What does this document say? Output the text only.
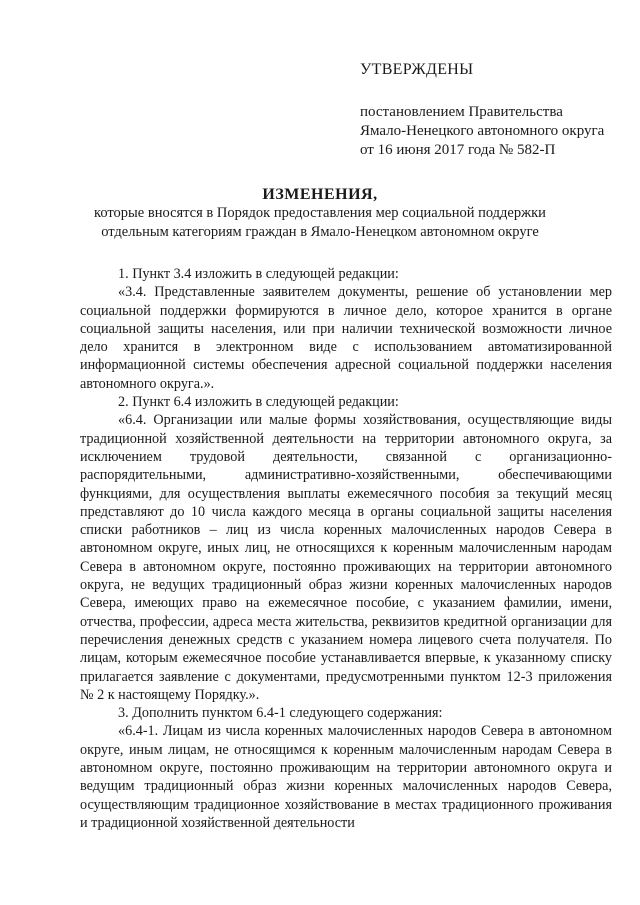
УТВЕРЖДЕНЫ
постановлением Правительства
Ямало-Ненецкого автономного округа
от 16 июня 2017 года № 582-П
ИЗМЕНЕНИЯ,
которые вносятся в Порядок предоставления мер социальной поддержки отдельным категориям граждан в Ямало-Ненецком автономном округе

1. Пункт 3.4 изложить в следующей редакции:

«3.4. Представленные заявителем документы, решение об установлении мер социальной поддержки формируются в личное дело, которое хранится в органе социальной защиты населения, или при наличии технической возможности личное дело хранится в электронном виде с использованием автоматизированной информационной системы обеспечения адресной социальной поддержки населения автономного округа.».

2. Пункт 6.4 изложить в следующей редакции:

«6.4. Организации или малые формы хозяйствования, осуществляющие виды традиционной хозяйственной деятельности на территории автономного округа, за исключением трудовой деятельности, связанной с организационно-распорядительными, административно-хозяйственными, обеспечивающими функциями, для осуществления выплаты ежемесячного пособия за текущий месяц представляют до 10 числа каждого месяца в органы социальной защиты населения списки работников – лиц из числа коренных малочисленных народов Севера в автономном округе, иных лиц, не относящихся к коренным малочисленным народам Севера в автономном округе, постоянно проживающих на территории автономного округа, не ведущих традиционный образ жизни коренных малочисленных народов Севера, имеющих право на ежемесячное пособие, с указанием фамилии, имени, отчества, профессии, адреса места жительства, реквизитов кредитной организации для перечисления денежных средств с указанием номера лицевого счета получателя. По лицам, которым ежемесячное пособие устанавливается впервые, к указанному списку прилагается заявление с документами, предусмотренными пунктом 12-3 приложения № 2 к настоящему Порядку.».

3. Дополнить пунктом 6.4-1 следующего содержания:

«6.4-1. Лицам из числа коренных малочисленных народов Севера в автономном округе, иным лицам, не относящимся к коренным малочисленным народам Севера в автономном округе, постоянно проживающим на территории автономного округа и ведущим традиционный образ жизни коренных малочисленных народов Севера, осуществляющим традиционное хозяйствование в местах традиционного проживания и традиционной хозяйственной деятельности
